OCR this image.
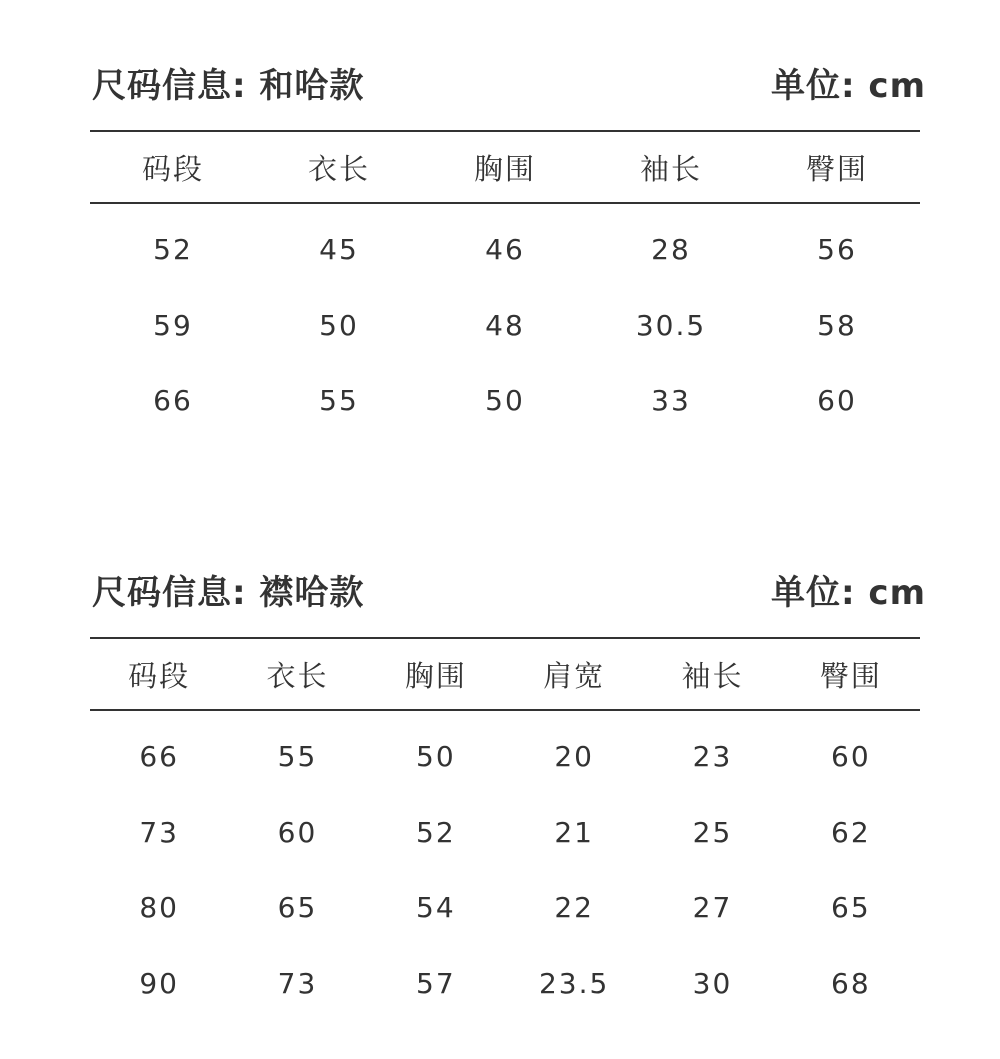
尺码信息: 和哈款	单位: cm
码段	衣长	胸围	袖长	臀围
52	45	46	28	56
59	50	48	30.5	58
66	55	50	33	60
尺码信息: 襟哈款	单位: cm
码段	衣长	胸围	肩宽	袖长	臀围
66	55	50	20	23	60
73	60	52	21	25	62
80	65	54	22	27	65
90	73	57	23.5	30	68
